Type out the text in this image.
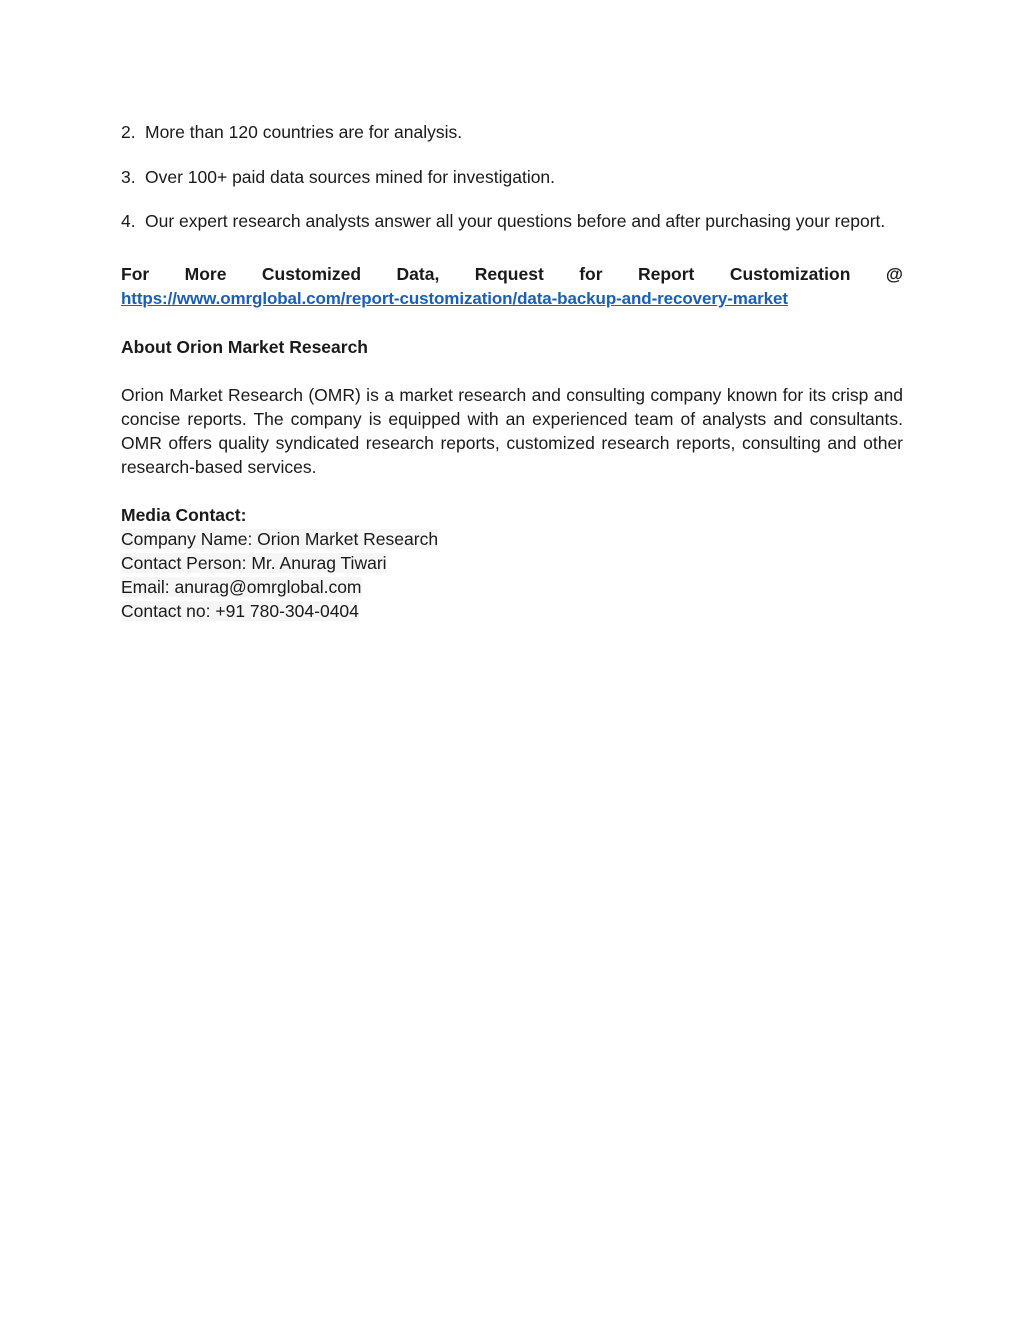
2. More than 120 countries are for analysis.

3. Over 100+ paid data sources mined for investigation.

4. Our expert research analysts answer all your questions before and after purchasing your report.

For More Customized Data, Request for Report Customization @
https://www.omrglobal.com/report-customization/data-backup-and-recovery-market

About Orion Market Research

Orion Market Research (OMR) is a market research and consulting company known for its crisp and concise reports. The company is equipped with an experienced team of analysts and consultants. OMR offers quality syndicated research reports, customized research reports, consulting and other research-based services.

Media Contact:

Company Name: Orion Market Research

Contact Person: Mr. Anurag Tiwari

Email: anurag@omrglobal.com

Contact no: +91 780-304-0404
